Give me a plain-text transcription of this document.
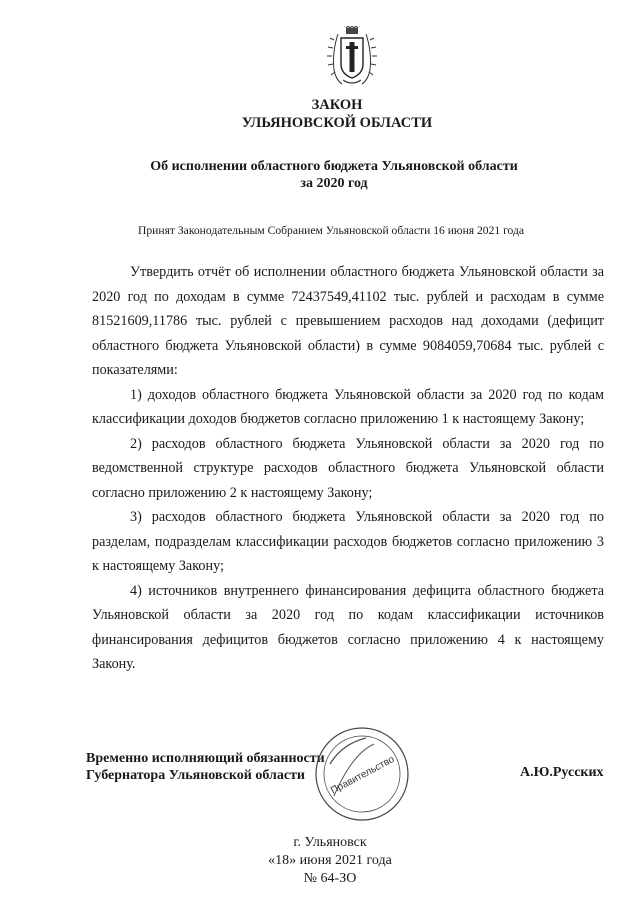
ЗАКОН
УЛЬЯНОВСКОЙ ОБЛАСТИ
Об исполнении областного бюджета Ульяновской области
за 2020 год
Принят Законодательным Собранием Ульяновской области 16 июня 2021 года

Утвердить отчёт об исполнении областного бюджета Ульяновской области за 2020 год по доходам в сумме 72437549,41102 тыс. рублей и расходам в сумме 81521609,11786 тыс. рублей с превышением расходов над доходами (дефицит областного бюджета Ульяновской области) в сумме 9084059,70684 тыс. рублей с показателями:

1) доходов областного бюджета Ульяновской области за 2020 год по кодам классификации доходов бюджетов согласно приложению 1 к настоящему Закону;

2) расходов областного бюджета Ульяновской области за 2020 год по ведомственной структуре расходов областного бюджета Ульяновской области согласно приложению 2 к настоящему Закону;

3) расходов областного бюджета Ульяновской области за 2020 год по разделам, подразделам классификации расходов бюджетов согласно приложению 3 к настоящему Закону;

4) источников внутреннего финансирования дефицита областного бюджета Ульяновской области за 2020 год по кодам классификации источников финансирования дефицитов бюджетов согласно приложению 4 к настоящему Закону.

Временно исполняющий обязанности
Губернатора Ульяновской области	Правительство	А.Ю.Русских
г. Ульяновск
«18» июня 2021 года
№ 64-ЗО
